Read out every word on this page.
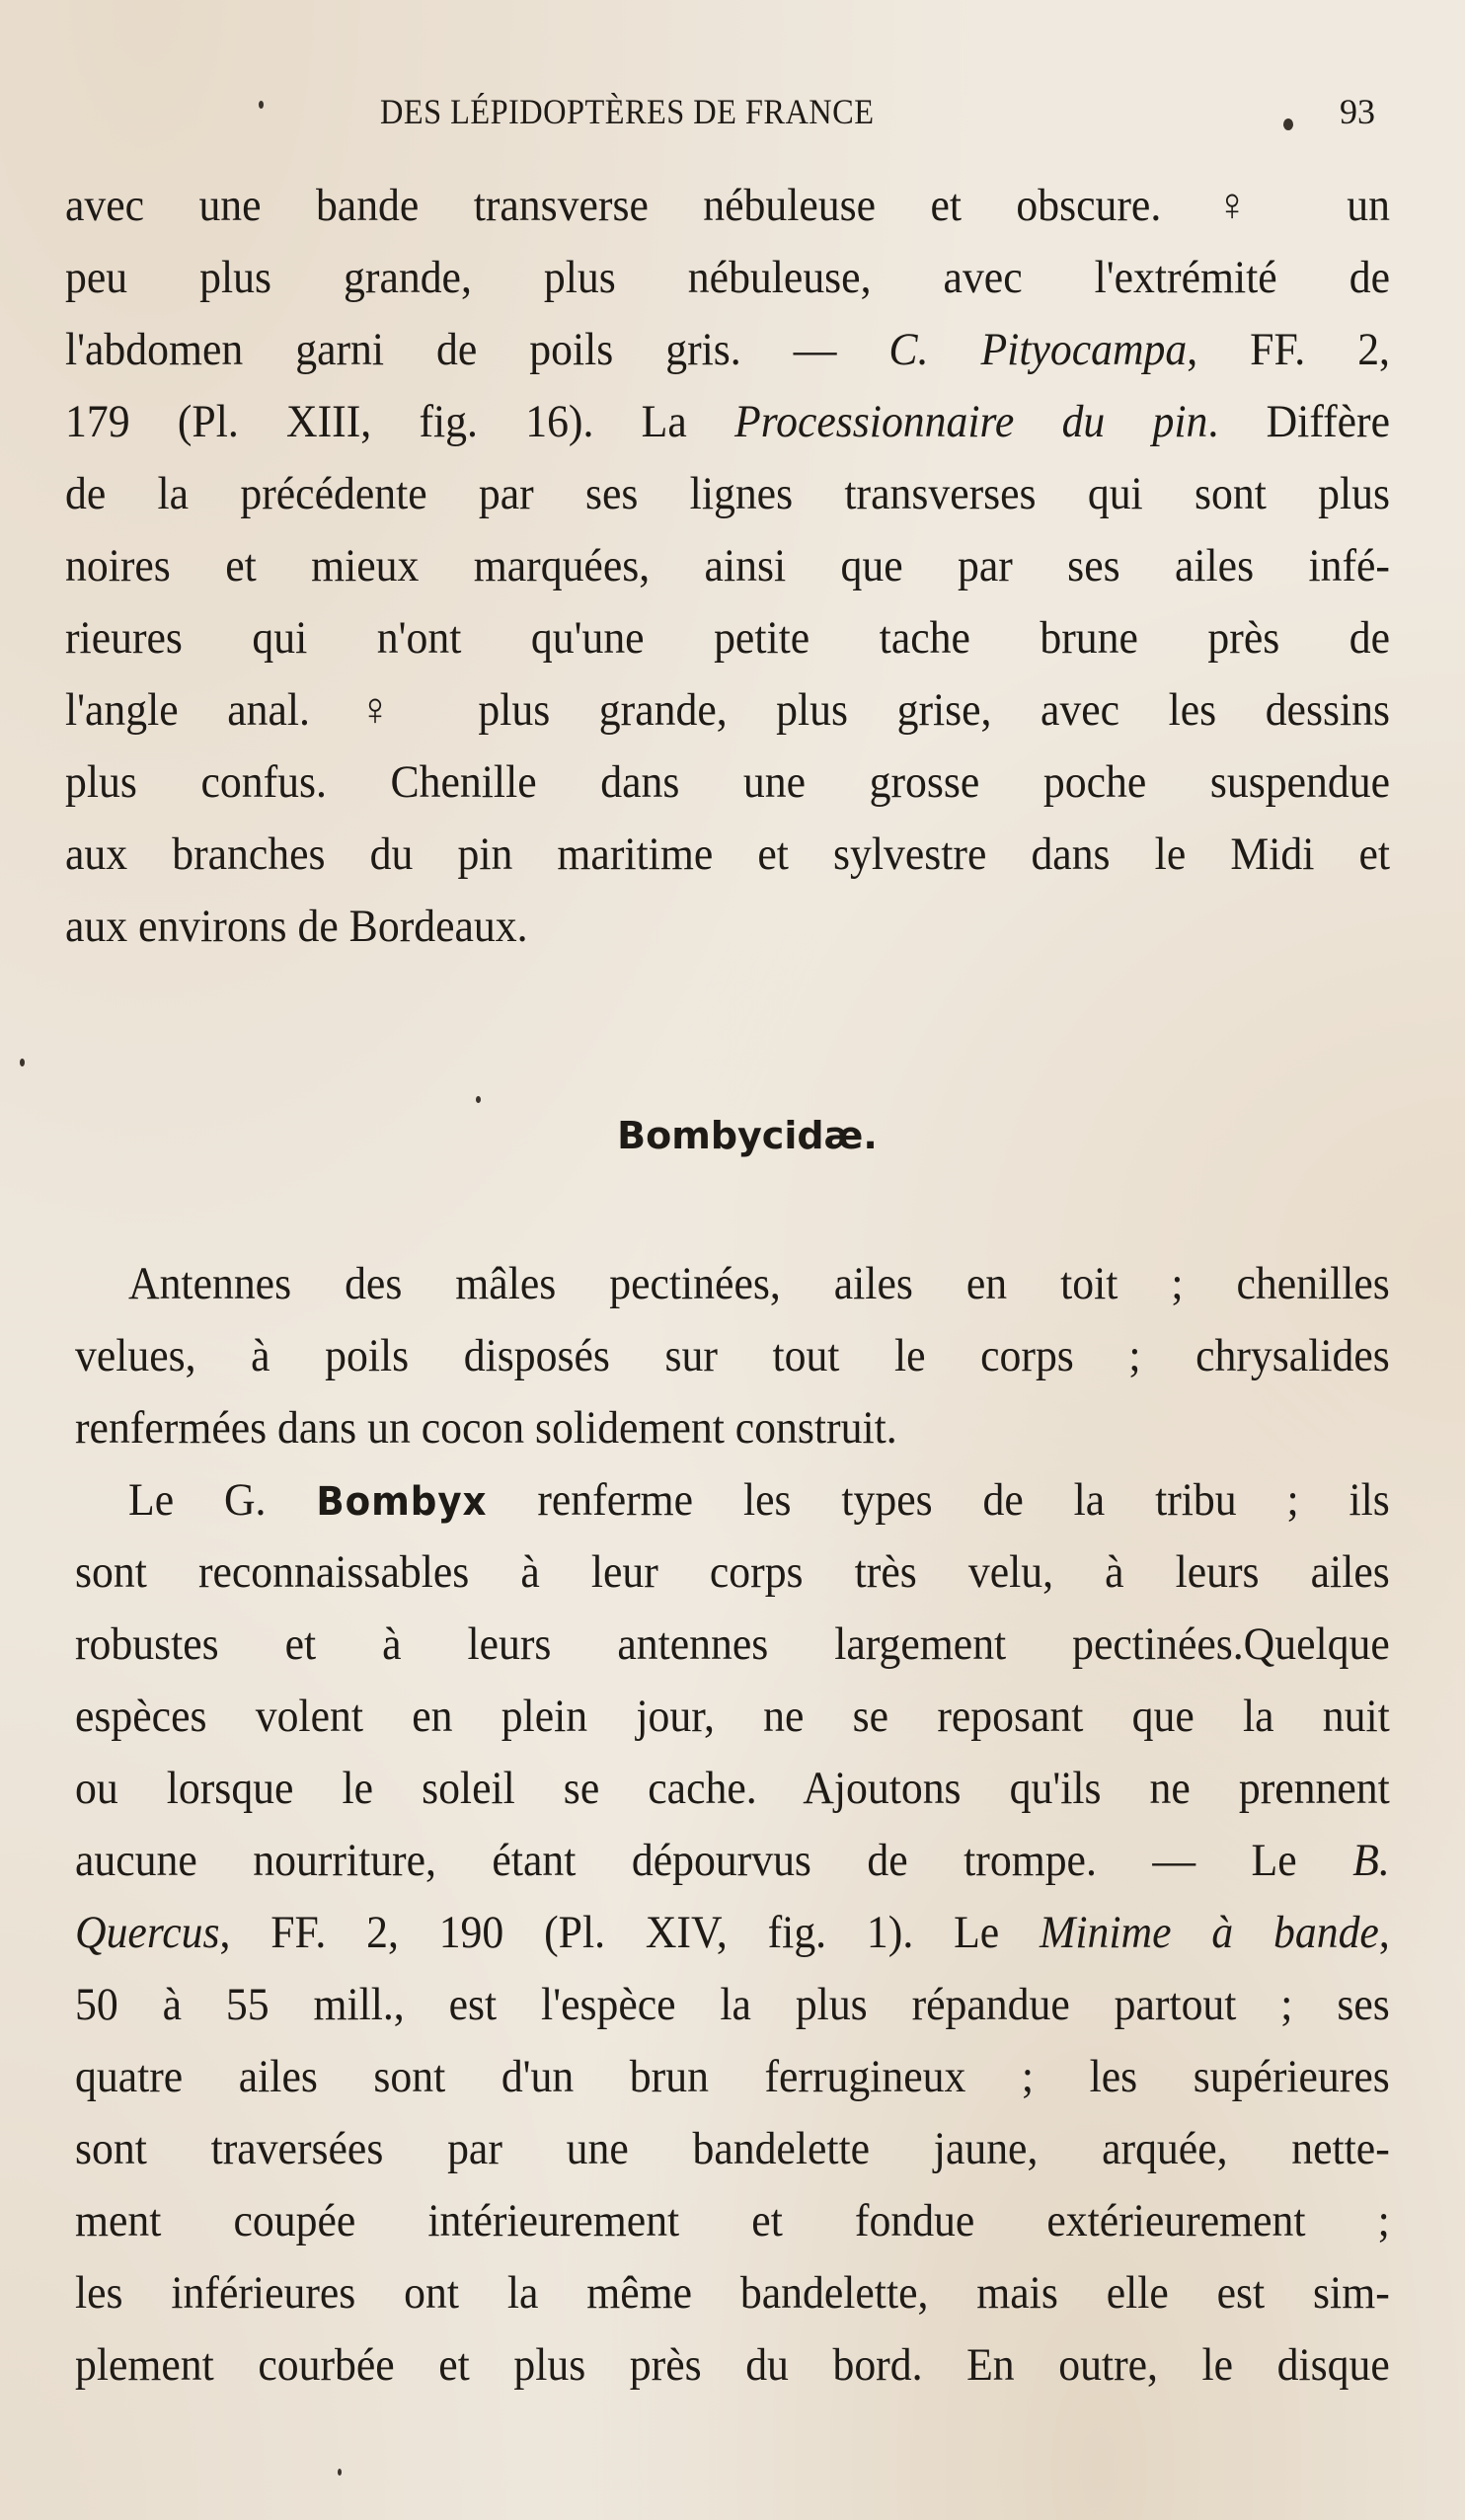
DES LÉPIDOPTÈRES DE FRANCE	93
avec une bande transverse nébuleuse et obscure. ♀ un
peu plus grande, plus nébuleuse, avec l'extrémité de
l'abdomen garni de poils gris. — C. Pityocampa, FF. 2,
179 (Pl. XIII, fig. 16). La Processionnaire du pin. Diffère
de la précédente par ses lignes transverses qui sont plus
noires et mieux marquées, ainsi que par ses ailes infé-
rieures qui n'ont qu'une petite tache brune près de
l'angle anal. ♀ plus grande, plus grise, avec les dessins
plus confus. Chenille dans une grosse poche suspendue
aux branches du pin maritime et sylvestre dans le Midi et
aux environs de Bordeaux.
Bombycidæ.
Antennes des mâles pectinées, ailes en toit ; chenilles
velues, à poils disposés sur tout le corps ; chrysalides
renfermées dans un cocon solidement construit.
Le G. Bombyx renferme les types de la tribu ; ils
sont reconnaissables à leur corps très velu, à leurs ailes
robustes et à leurs antennes largement pectinées.Quelque
espèces volent en plein jour, ne se reposant que la nuit
ou lorsque le soleil se cache. Ajoutons qu'ils ne prennent
aucune nourriture, étant dépourvus de trompe. — Le B.
Quercus, FF. 2, 190 (Pl. XIV, fig. 1). Le Minime à bande,
50 à 55 mill., est l'espèce la plus répandue partout ; ses
quatre ailes sont d'un brun ferrugineux ; les supérieures
sont traversées par une bandelette jaune, arquée, nette-
ment coupée intérieurement et fondue extérieurement ;
les inférieures ont la même bandelette, mais elle est sim-
plement courbée et plus près du bord. En outre, le disque
